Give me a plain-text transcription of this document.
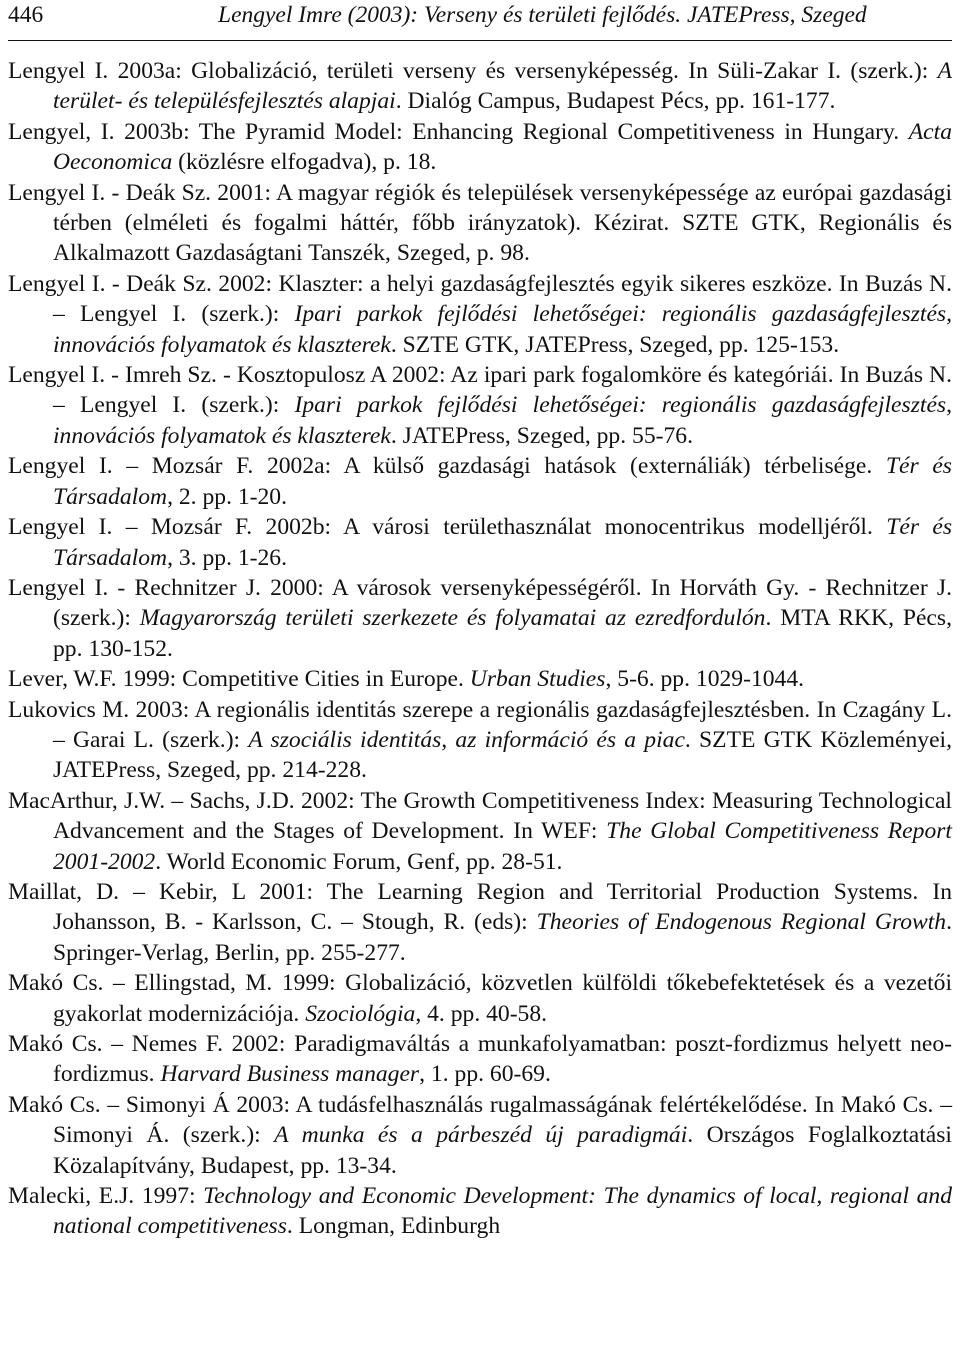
446	Lengyel Imre (2003): Verseny és területi fejlődés. JATEPress, Szeged
Lengyel I. 2003a: Globalizáció, területi verseny és versenyképesség. In Süli-Zakar I. (szerk.): A terület- és településfejlesztés alapjai. Dialóg Campus, Budapest Pécs, pp. 161-177.
Lengyel, I. 2003b: The Pyramid Model: Enhancing Regional Competitiveness in Hungary. Acta Oeconomica (közlésre elfogadva), p. 18.
Lengyel I. - Deák Sz. 2001: A magyar régiók és települések versenyképessége az európai gazdasági térben (elméleti és fogalmi háttér, főbb irányzatok). Kézirat. SZTE GTK, Regionális és Alkalmazott Gazdaságtani Tanszék, Szeged, p. 98.
Lengyel I. - Deák Sz. 2002: Klaszter: a helyi gazdaságfejlesztés egyik sikeres eszköze. In Buzás N. – Lengyel I. (szerk.): Ipari parkok fejlődési lehetőségei: regionális gazdaságfejlesztés, innovációs folyamatok és klaszterek. SZTE GTK, JATEPress, Szeged, pp. 125-153.
Lengyel I. - Imreh Sz. - Kosztopulosz A 2002: Az ipari park fogalomköre és kategóriái. In Buzás N. – Lengyel I. (szerk.): Ipari parkok fejlődési lehetőségei: regionális gazdaságfejlesztés, innovációs folyamatok és klaszterek. JATEPress, Szeged, pp. 55-76.
Lengyel I. – Mozsár F. 2002a: A külső gazdasági hatások (externáliák) térbelisége. Tér és Társadalom, 2. pp. 1-20.
Lengyel I. – Mozsár F. 2002b: A városi területhasználat monocentrikus modelljéről. Tér és Társadalom, 3. pp. 1-26.
Lengyel I. - Rechnitzer J. 2000: A városok versenyképességéről. In Horváth Gy. - Rechnitzer J. (szerk.): Magyarország területi szerkezete és folyamatai az ezredfordulón. MTA RKK, Pécs, pp. 130-152.
Lever, W.F. 1999: Competitive Cities in Europe. Urban Studies, 5-6. pp. 1029-1044.
Lukovics M. 2003: A regionális identitás szerepe a regionális gazdaságfejlesztésben. In Czagány L. – Garai L. (szerk.): A szociális identitás, az információ és a piac. SZTE GTK Közleményei, JATEPress, Szeged, pp. 214-228.
MacArthur, J.W. – Sachs, J.D. 2002: The Growth Competitiveness Index: Measuring Technological Advancement and the Stages of Development. In WEF: The Global Competitiveness Report 2001-2002. World Economic Forum, Genf, pp. 28-51.
Maillat, D. – Kebir, L 2001: The Learning Region and Territorial Production Systems. In Johansson, B. - Karlsson, C. – Stough, R. (eds): Theories of Endogenous Regional Growth. Springer-Verlag, Berlin, pp. 255-277.
Makó Cs. – Ellingstad, M. 1999: Globalizáció, közvetlen külföldi tőkebefektetések és a vezetői gyakorlat modernizációja. Szociológia, 4. pp. 40-58.
Makó Cs. – Nemes F. 2002: Paradigmaváltás a munkafolyamatban: poszt-fordizmus helyett neo-fordizmus. Harvard Business manager, 1. pp. 60-69.
Makó Cs. – Simonyi Á 2003: A tudásfelhasználás rugalmasságának felértékelődése. In Makó Cs. – Simonyi Á. (szerk.): A munka és a párbeszéd új paradigmái. Országos Foglalkoztatási Közalapítvány, Budapest, pp. 13-34.
Malecki, E.J. 1997: Technology and Economic Development: The dynamics of local, regional and national competitiveness. Longman, Edinburgh
